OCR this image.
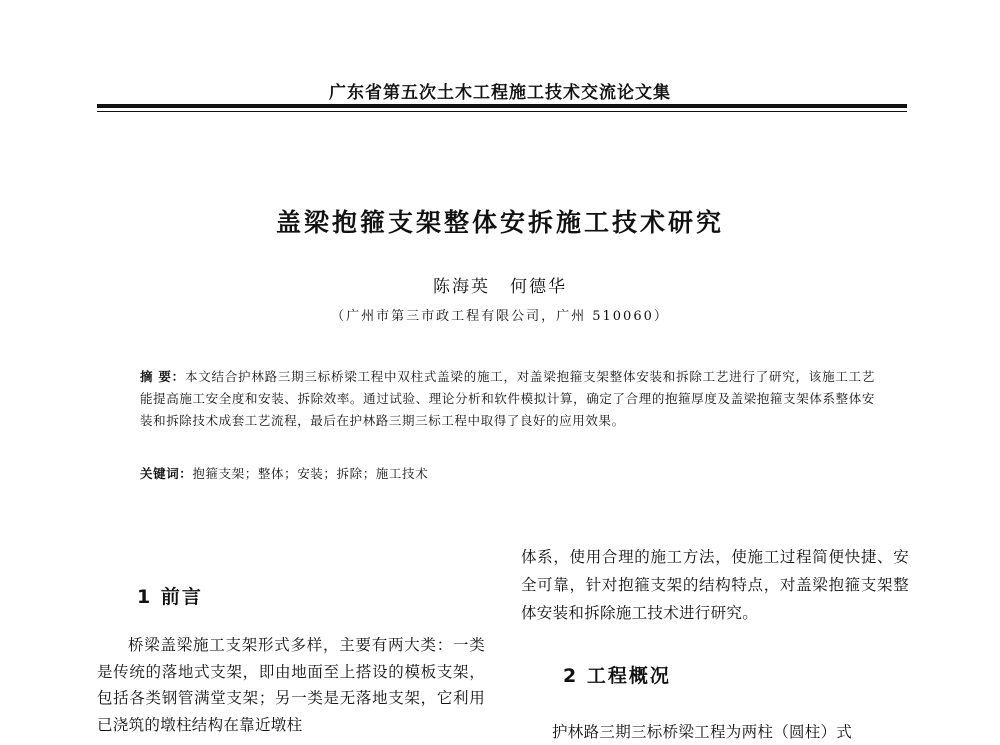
广东省第五次土木工程施工技术交流论文集
盖梁抱箍支架整体安拆施工技术研究
陈海英 何德华
（广州市第三市政工程有限公司，广州 510060）
摘 要：本文结合护林路三期三标桥梁工程中双柱式盖梁的施工，对盖梁抱箍支架整体安装和拆除工艺进行了研究，该施工工艺能提高施工安全度和安装、拆除效率。通过试验、理论分析和软件模拟计算，确定了合理的抱箍厚度及盖梁抱箍支架体系整体安装和拆除技术成套工艺流程，最后在护林路三期三标工程中取得了良好的应用效果。
关键词：抱箍支架；整体；安装；拆除；施工技术
1 前言
桥梁盖梁施工支架形式多样，主要有两大类：一类是传统的落地式支架，即由地面至上搭设的模板支架，包括各类钢管满堂支架；另一类是无落地支架，它利用已浇筑的墩柱结构在靠近墩柱
体系，使用合理的施工方法，使施工过程简便快捷、安全可靠，针对抱箍支架的结构特点，对盖梁抱箍支架整体安装和拆除施工技术进行研究。
2 工程概况
护林路三期三标桥梁工程为两柱（圆柱）式
